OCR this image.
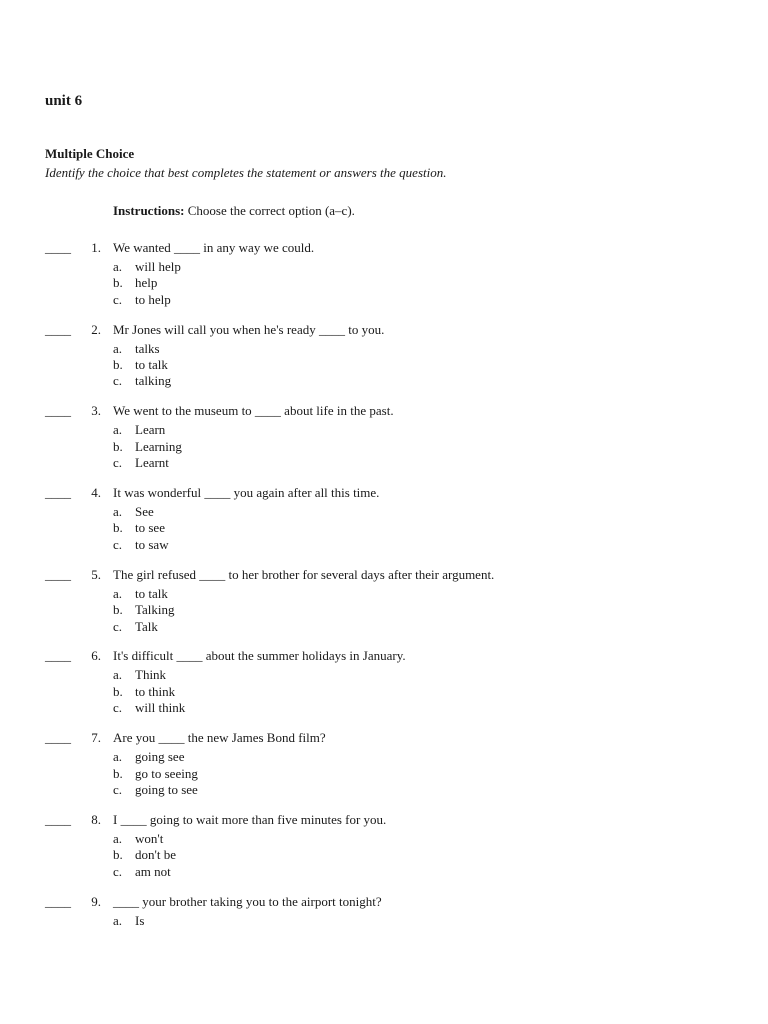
unit 6
Multiple Choice

Identify the choice that best completes the statement or answers the question.

Instructions: Choose the correct option (a–c).

____	1. We wanted ____ in any way we could.
a. will help
b. help
c. to help
____	2. Mr Jones will call you when he's ready ____ to you.
a. talks
b. to talk
c. talking
____	3. We went to the museum to ____ about life in the past.
a. Learn
b. Learning
c. Learnt
____	4. It was wonderful ____ you again after all this time.
a. See
b. to see
c. to saw
____	5. The girl refused ____ to her brother for several days after their argument.
a. to talk
b. Talking
c. Talk
____	6. It's difficult ____ about the summer holidays in January.
a. Think
b. to think
c. will think
____	7. Are you ____ the new James Bond film?
a. going see
b. go to seeing
c. going to see
____	8. I ____ going to wait more than five minutes for you.
a. won't
b. don't be
c. am not
____	9. ____ your brother taking you to the airport tonight?
a. Is
